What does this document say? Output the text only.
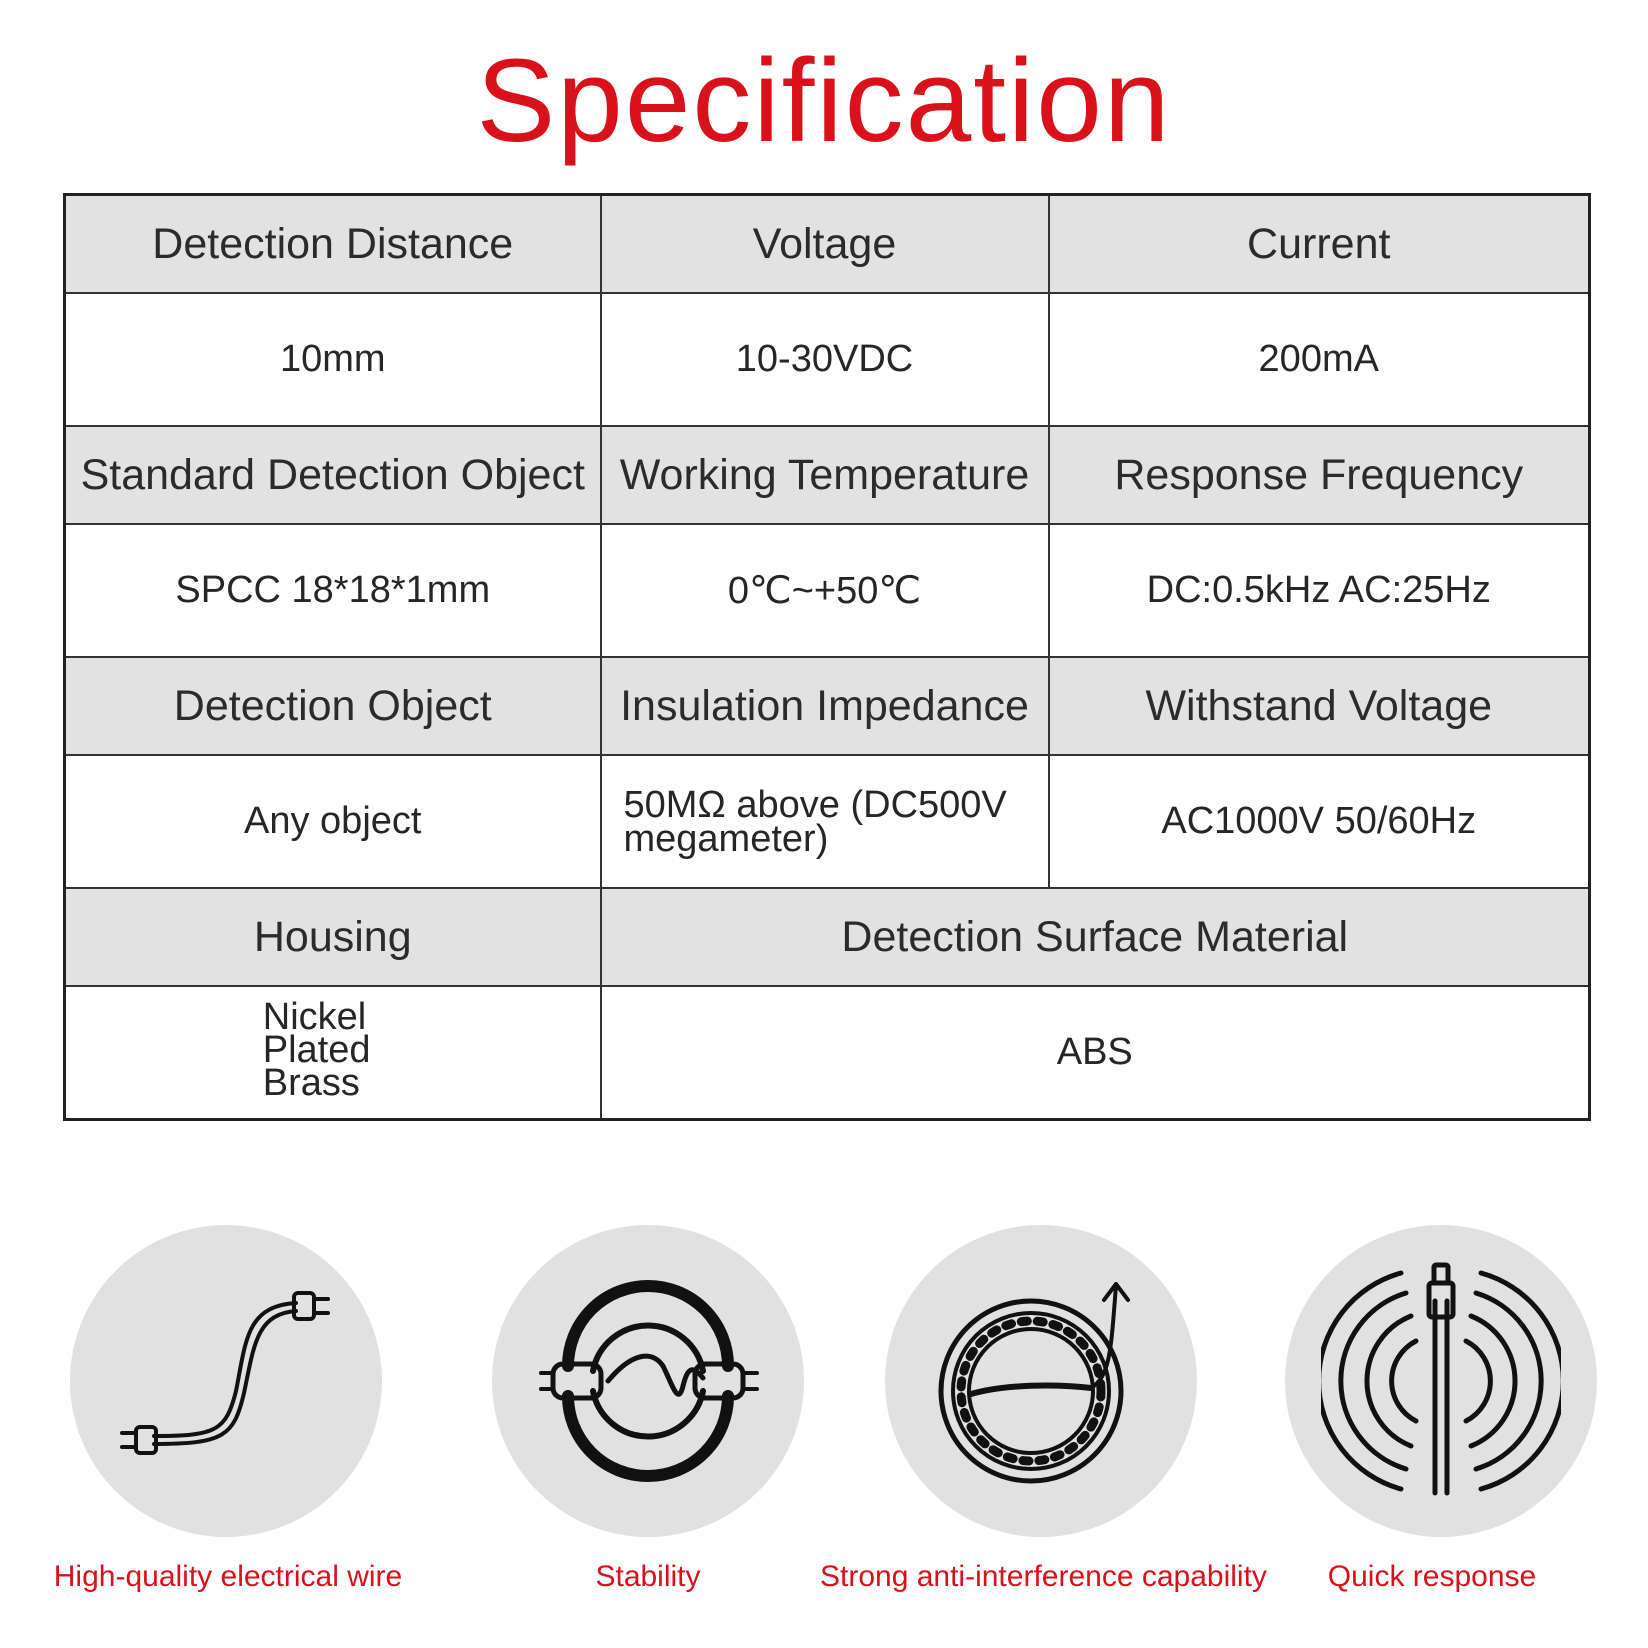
Specification
Detection Distance	Voltage	Current
10mm	10-30VDC	200mA
Standard Detection Object	Working Temperature	Response Frequency
SPCC 18*18*1mm	0℃~+50℃	DC:0.5kHz AC:25Hz
Detection Object	Insulation Impedance	Withstand Voltage
Any object	50MΩ above (DC500V megameter)	AC1000V 50/60Hz
Housing	Detection Surface Material	
Nickel Plated Brass	ABS	
High-quality electrical wire	Stability	Strong anti-interference capability	Quick response
